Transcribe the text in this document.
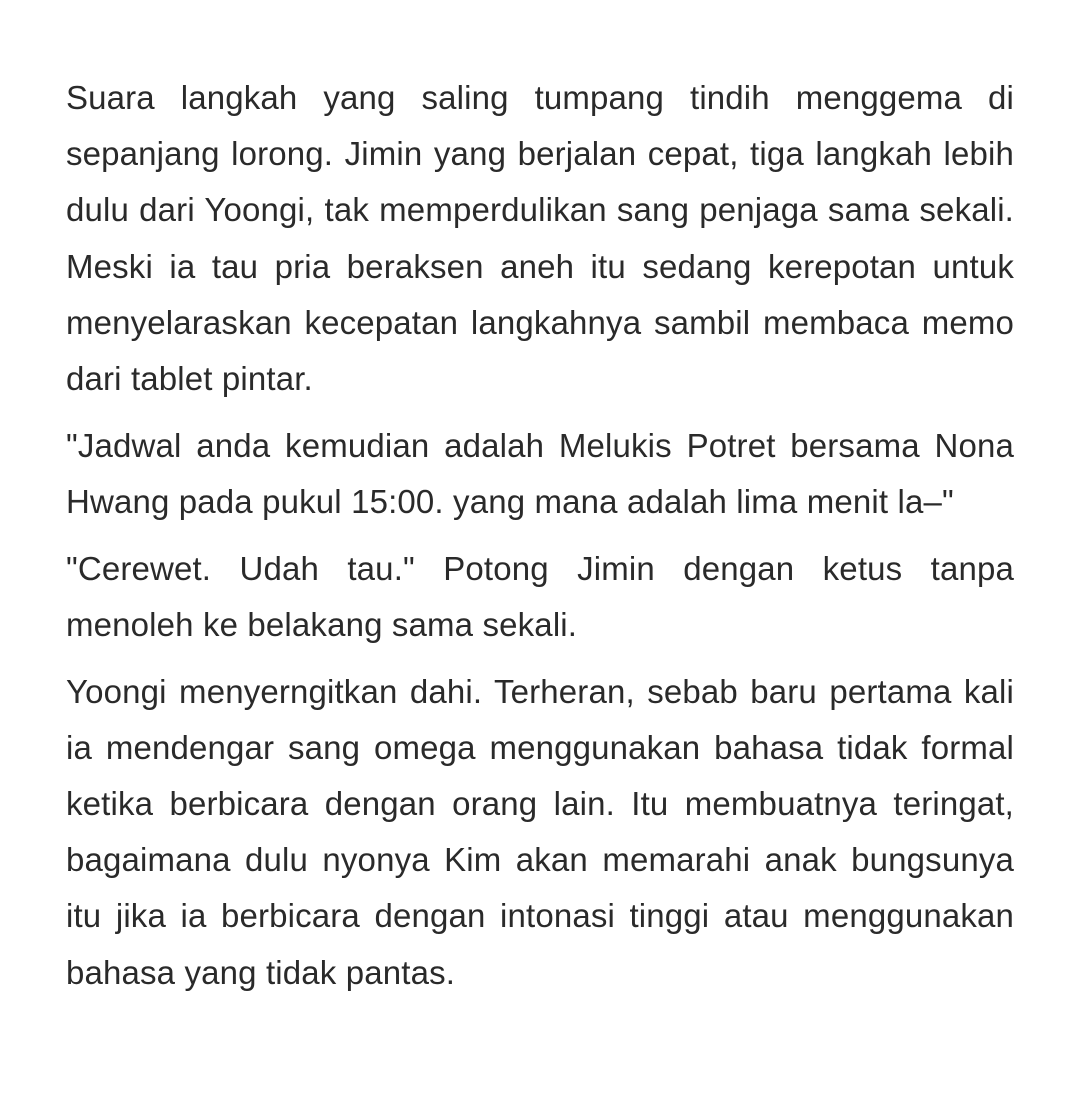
Suara langkah yang saling tumpang tindih menggema di sepanjang lorong. Jimin yang berjalan cepat, tiga langkah lebih dulu dari Yoongi, tak memperdulikan sang penjaga sama sekali. Meski ia tau pria beraksen aneh itu sedang kerepotan untuk menyelaraskan kecepatan langkahnya sambil membaca memo dari tablet pintar.

"Jadwal anda kemudian adalah Melukis Potret bersama Nona Hwang pada pukul 15:00. yang mana adalah lima menit la–"

"Cerewet. Udah tau." Potong Jimin dengan ketus tanpa menoleh ke belakang sama sekali.

Yoongi menyerngitkan dahi. Terheran, sebab baru pertama kali ia mendengar sang omega menggunakan bahasa tidak formal ketika berbicara dengan orang lain. Itu membuatnya teringat, bagaimana dulu nyonya Kim akan memarahi anak bungsunya itu jika ia berbicara dengan intonasi tinggi atau menggunakan bahasa yang tidak pantas.
